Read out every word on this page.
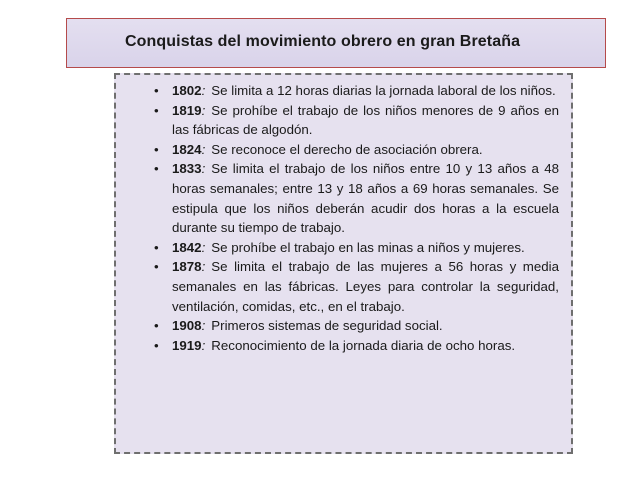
Conquistas del movimiento obrero en gran Bretaña
•	1802: Se limita a 12 horas diarias la jornada laboral de los niños.
•	1819: Se prohíbe el trabajo de los niños menores de 9 años en las fábricas de algodón.
•	1824: Se reconoce el derecho de asociación obrera.
•	1833: Se limita el trabajo de los niños entre 10 y 13 años a 48 horas semanales; entre 13 y 18 años a 69 horas semanales. Se estipula que los niños deberán acudir dos horas a la escuela durante su tiempo de trabajo.
•	1842: Se prohíbe el trabajo en las minas a niños y mujeres.
•	1878: Se limita el trabajo de las mujeres a 56 horas y media semanales en las fábricas. Leyes para controlar la seguridad, ventilación, comidas, etc., en el trabajo.
•	1908: Primeros sistemas de seguridad social.
•	1919: Reconocimiento de la jornada diaria de ocho horas.
